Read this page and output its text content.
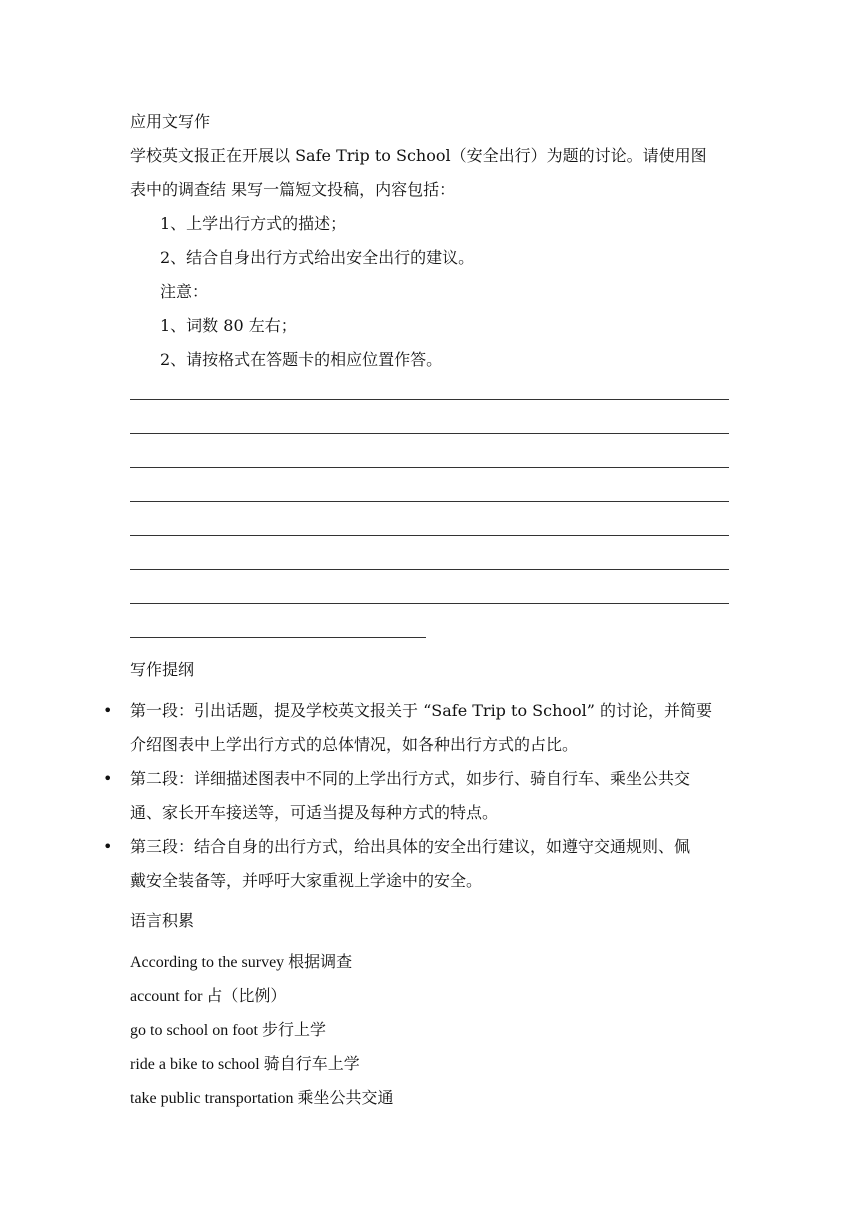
应用文写作
学校英文报正在开展以 Safe Trip to School（安全出行）为题的讨论。请使用图
表中的调查结 果写一篇短文投稿，内容包括：
1、上学出行方式的描述；
2、结合自身出行方式给出安全出行的建议。
注意：
1、词数 80 左右；
2、请按格式在答题卡的相应位置作答。
写作提纲
• 第一段：引出话题，提及学校英文报关于 “Safe Trip to School” 的讨论，并简要
介绍图表中上学出行方式的总体情况，如各种出行方式的占比。
• 第二段：详细描述图表中不同的上学出行方式，如步行、骑自行车、乘坐公共交
通、家长开车接送等，可适当提及每种方式的特点。
• 第三段：结合自身的出行方式，给出具体的安全出行建议，如遵守交通规则、佩
戴安全装备等，并呼吁大家重视上学途中的安全。
语言积累
According to the survey 根据调查
account for 占（比例）
go to school on foot 步行上学
ride a bike to school 骑自行车上学
take public transportation 乘坐公共交通
